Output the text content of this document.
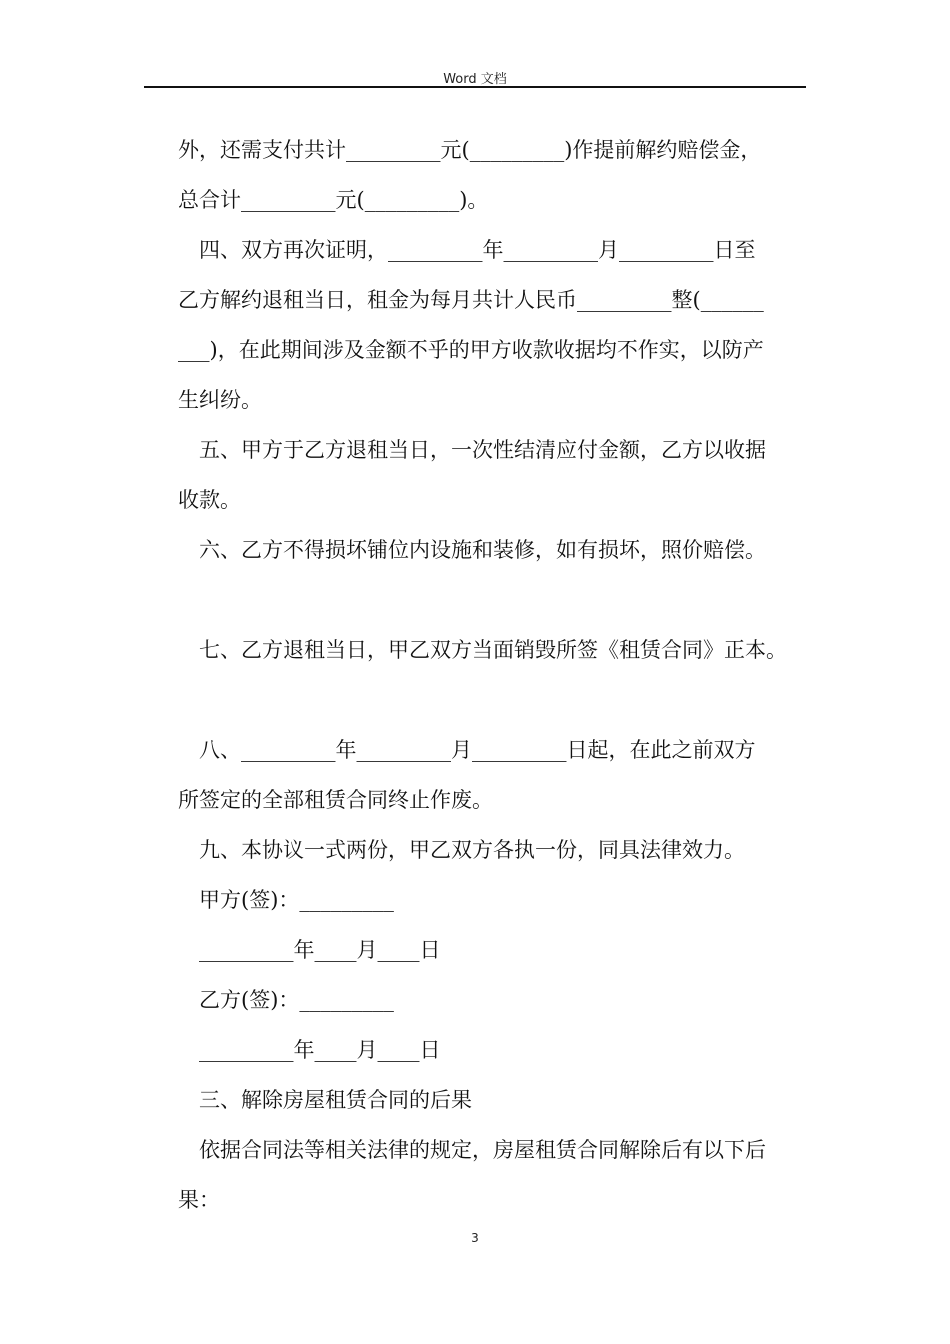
Word 文档
外，还需支付共计_________元(_________)作提前解约赔偿金，
总合计_________元(_________)。
四、双方再次证明，_________年_________月_________日至
乙方解约退租当日，租金为每月共计人民币_________整(______
___)，在此期间涉及金额不乎的甲方收款收据均不作实，以防产
生纠纷。
五、甲方于乙方退租当日，一次性结清应付金额，乙方以收据
收款。
六、乙方不得损坏铺位内设施和装修，如有损坏，照价赔偿。
七、乙方退租当日，甲乙双方当面销毁所签《租赁合同》正本。
八、_________年_________月_________日起，在此之前双方
所签定的全部租赁合同终止作废。
九、本协议一式两份，甲乙双方各执一份，同具法律效力。
甲方(签)：_________
_________年____月____日
乙方(签)：_________
_________年____月____日
三、解除房屋租赁合同的后果
依据合同法等相关法律的规定，房屋租赁合同解除后有以下后
果：
3
